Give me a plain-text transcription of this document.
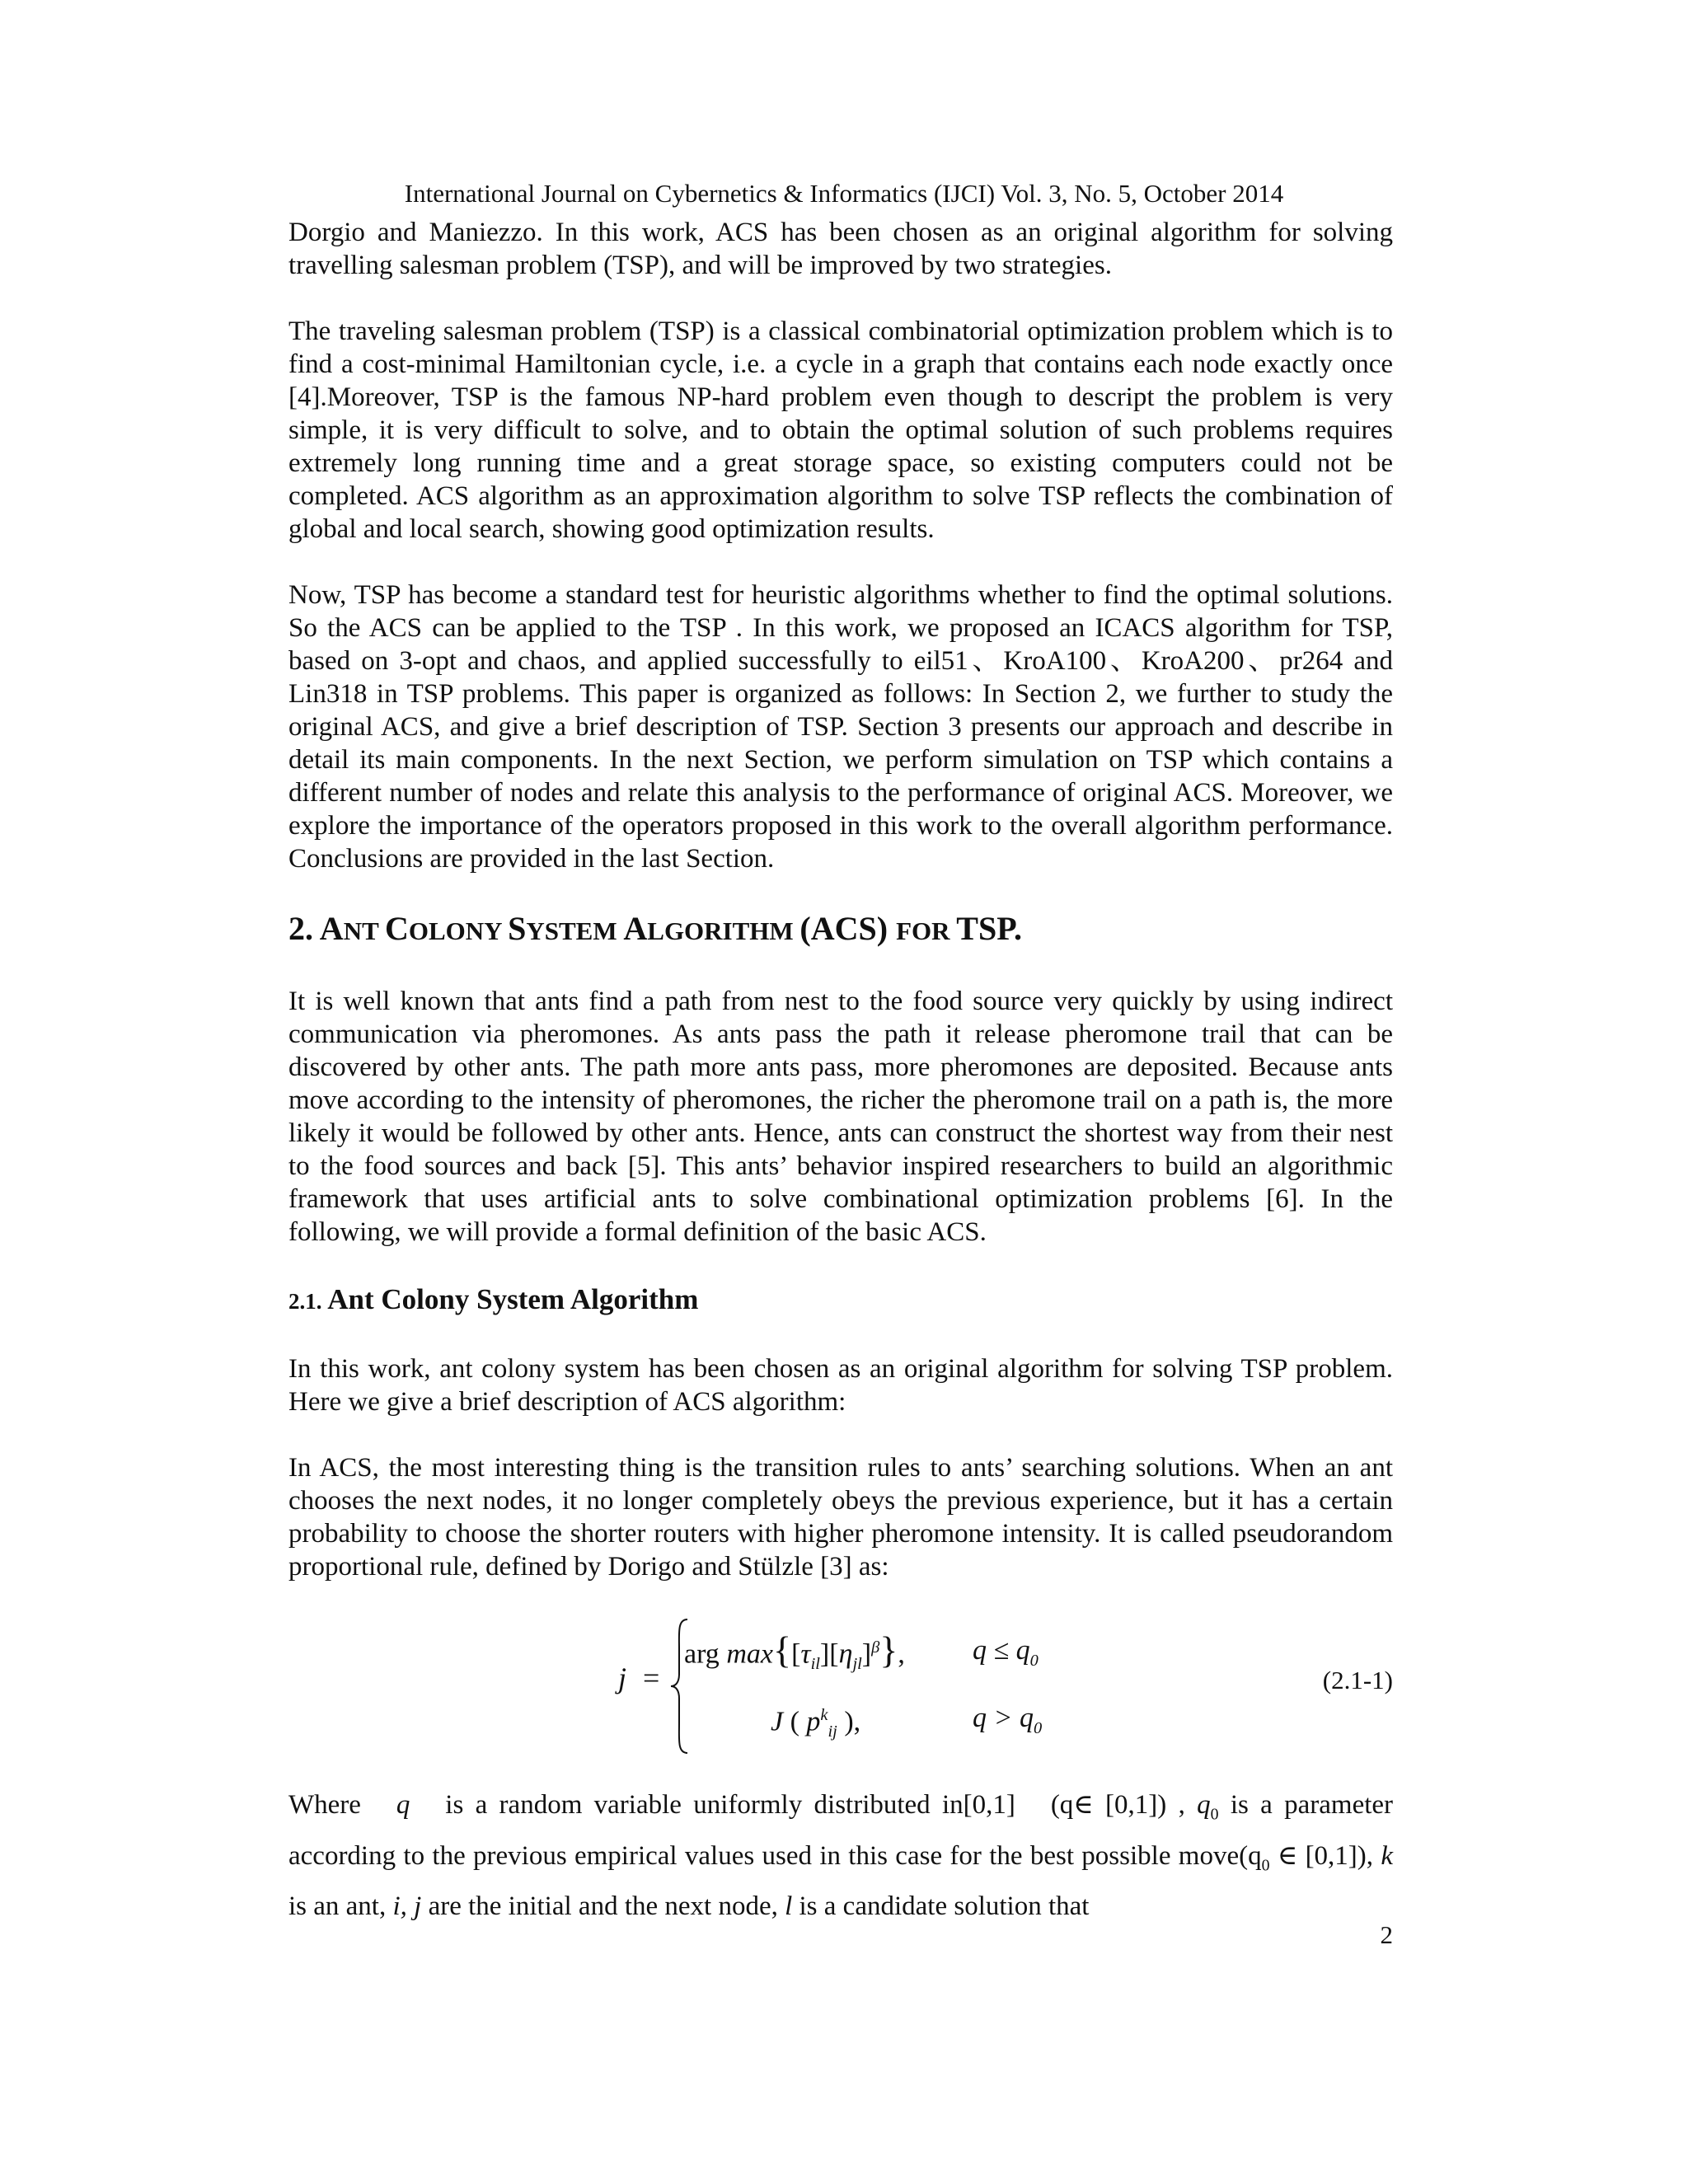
International Journal on Cybernetics & Informatics (IJCI) Vol. 3, No. 5, October 2014

Dorgio and Maniezzo. In this work, ACS has been chosen as an original algorithm for solving travelling salesman problem (TSP), and will be improved by two strategies.

The traveling salesman problem (TSP) is a classical combinatorial optimization problem which is to find a cost-minimal Hamiltonian cycle, i.e. a cycle in a graph that contains each node exactly once [4].Moreover, TSP is the famous NP-hard problem even though to descript the problem is very simple, it is very difficult to solve, and to obtain the optimal solution of such problems requires extremely long running time and a great storage space, so existing computers could not be completed. ACS algorithm as an approximation algorithm to solve TSP reflects the combination of global and local search, showing good optimization results.

Now, TSP has become a standard test for heuristic algorithms whether to find the optimal solutions. So the ACS can be applied to the TSP . In this work, we proposed an ICACS algorithm for TSP, based on 3-opt and chaos, and applied successfully to eil51、KroA100、KroA200、pr264 and Lin318 in TSP problems. This paper is organized as follows: In Section 2, we further to study the original ACS, and give a brief description of TSP. Section 3 presents our approach and describe in detail its main components. In the next Section, we perform simulation on TSP which contains a different number of nodes and relate this analysis to the performance of original ACS. Moreover, we explore the importance of the operators proposed in this work to the overall algorithm performance. Conclusions are provided in the last Section.

2. ANT COLONY SYSTEM ALGORITHM (ACS) FOR TSP.

It is well known that ants find a path from nest to the food source very quickly by using indirect communication via pheromones. As ants pass the path it release pheromone trail that can be discovered by other ants. The path more ants pass, more pheromones are deposited. Because ants move according to the intensity of pheromones, the richer the pheromone trail on a path is, the more likely it would be followed by other ants. Hence, ants can construct the shortest way from their nest to the food sources and back [5]. This ants’ behavior inspired researchers to build an algorithmic framework that uses artificial ants to solve combinational optimization problems [6]. In the following, we will provide a formal definition of the basic ACS.

2.1. Ant Colony System Algorithm

In this work, ant colony system has been chosen as an original algorithm for solving TSP problem. Here we give a brief description of ACS algorithm:

In ACS, the most interesting thing is the transition rules to ants’ searching solutions. When an ant chooses the next nodes, it no longer completely obeys the previous experience, but it has a certain probability to choose the shorter routers with higher pheromone intensity. It is called pseudorandom proportional rule, defined by Dorigo and Stülzle [3] as:

j =
arg $\max\{[\tau_{il}][\eta_{jl}]^\beta\}$,
J ( $p^k_{ij}$ ),
$q \le q_0$
$q > q_0$
(2.1-1)

Where q is a random variable uniformly distributed in[0,1] (q∈ [0,1]) , $q_0$ is a parameter according to the previous empirical values used in this case for the best possible $move(q_0$ ∈ [0,1]), k is an ant, i, j are the initial and the next node, l is a candidate solution that

2
